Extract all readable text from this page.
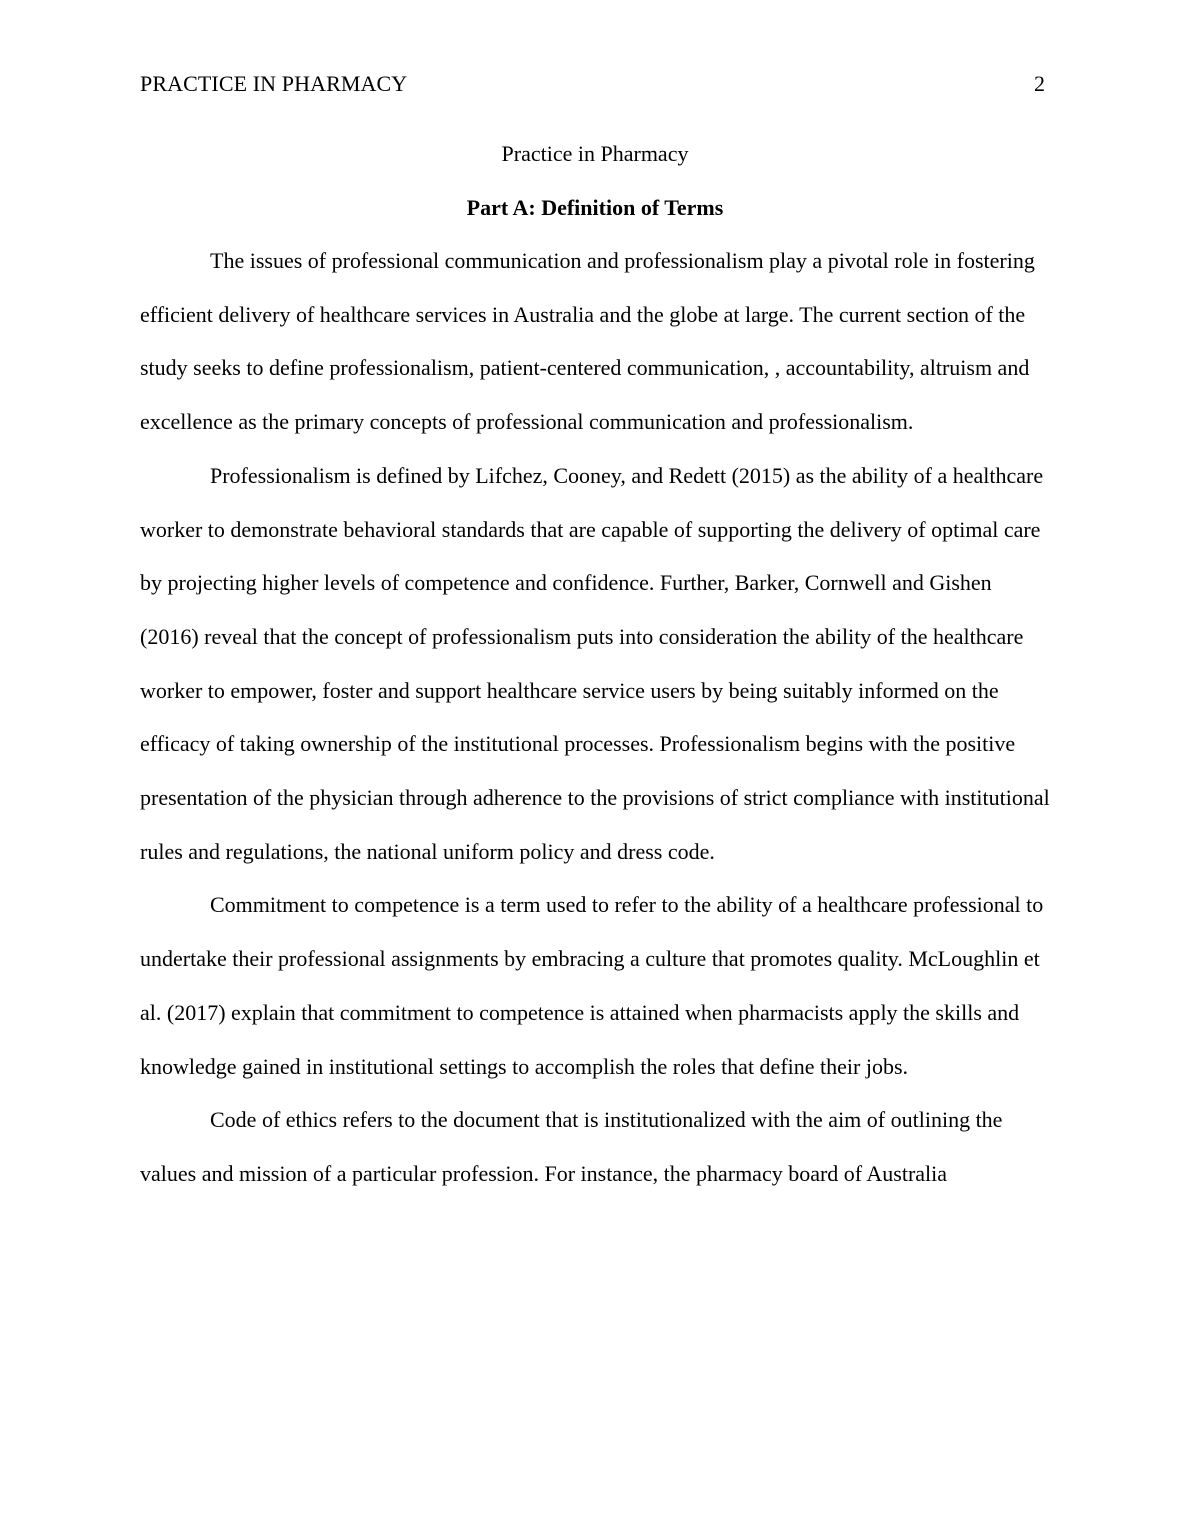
PRACTICE IN PHARMACY	2
Practice in Pharmacy
Part A: Definition of Terms

The issues of professional communication and professionalism play a pivotal role in fostering efficient delivery of healthcare services in Australia and the globe at large. The current section of the study seeks to define professionalism, patient-centered communication, , accountability, altruism and excellence as the primary concepts of professional communication and professionalism.

Professionalism is defined by Lifchez, Cooney, and Redett (2015) as the ability of a healthcare worker to demonstrate behavioral standards that are capable of supporting the delivery of optimal care by projecting higher levels of competence and confidence. Further, Barker, Cornwell and Gishen (2016) reveal that the concept of professionalism puts into consideration the ability of the healthcare worker to empower, foster and support healthcare service users by being suitably informed on the efficacy of taking ownership of the institutional processes. Professionalism begins with the positive presentation of the physician through adherence to the provisions of strict compliance with institutional rules and regulations, the national uniform policy and dress code.

Commitment to competence is a term used to refer to the ability of a healthcare professional to undertake their professional assignments by embracing a culture that promotes quality. McLoughlin et al. (2017) explain that commitment to competence is attained when pharmacists apply the skills and knowledge gained in institutional settings to accomplish the roles that define their jobs.

Code of ethics refers to the document that is institutionalized with the aim of outlining the values and mission of a particular profession. For instance, the pharmacy board of Australia
